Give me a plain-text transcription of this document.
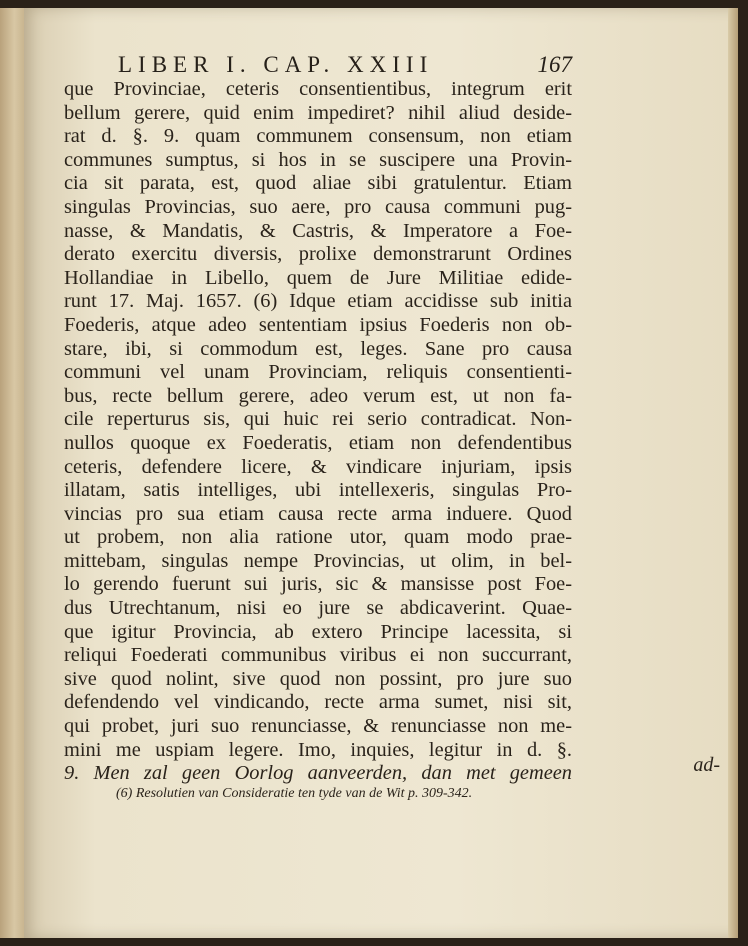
LIBER I. CAP. XXIII	167
que Provinciae, ceteris consentientibus, integrum erit
bellum gerere, quid enim impediret? nihil aliud deside-
rat d. §. 9. quam communem consensum, non etiam
communes sumptus, si hos in se suscipere una Provin-
cia sit parata, est, quod aliae sibi gratulentur. Etiam
singulas Provincias, suo aere, pro causa communi pug-
nasse, & Mandatis, & Castris, & Imperatore a Foe-
derato exercitu diversis, prolixe demonstrarunt Ordines
Hollandiae in Libello, quem de Jure Militiae edide-
runt 17. Maj. 1657. (6) Idque etiam accidisse sub initia
Foederis, atque adeo sententiam ipsius Foederis non ob-
stare, ibi, si commodum est, leges. Sane pro causa
communi vel unam Provinciam, reliquis consentienti-
bus, recte bellum gerere, adeo verum est, ut non fa-
cile reperturus sis, qui huic rei serio contradicat. Non-
nullos quoque ex Foederatis, etiam non defendentibus
ceteris, defendere licere, & vindicare injuriam, ipsis
illatam, satis intelliges, ubi intellexeris, singulas Pro-
vincias pro sua etiam causa recte arma induere. Quod
ut probem, non alia ratione utor, quam modo prae-
mittebam, singulas nempe Provincias, ut olim, in bel-
lo gerendo fuerunt sui juris, sic & mansisse post Foe-
dus Utrechtanum, nisi eo jure se abdicaverint. Quae-
que igitur Provincia, ab extero Principe lacessita, si
reliqui Foederati communibus viribus ei non succurrant,
sive quod nolint, sive quod non possint, pro jure suo
defendendo vel vindicando, recte arma sumet, nisi sit,
qui probet, juri suo renunciasse, & renunciasse non me-
mini me uspiam legere. Imo, inquies, legitur in d. §.
9. Men zal geen Oorlog aanveerden, dan met gemeen	ad-
(6) Resolutien van Consideratie ten tyde van de Wit p. 309-342.
